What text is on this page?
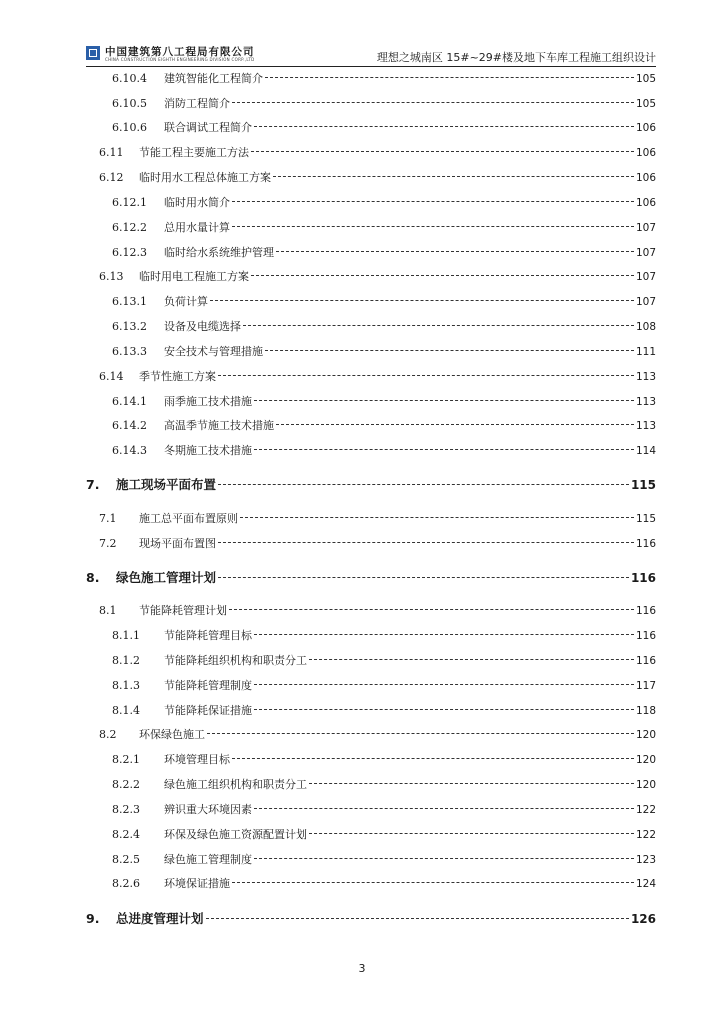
中国建筑第八工程局有限公司
CHINA CONSTRUCTION EIGHTH ENGINEERING DIVISION CORP.,LTD	理想之城南区 15#~29#楼及地下车库工程施工组织设计
6.10.4	建筑智能化工程简介	105
6.10.5	消防工程简介	105
6.10.6	联合调试工程简介	106
6.11	节能工程主要施工方法	106
6.12	临时用水工程总体施工方案	106
6.12.1	临时用水简介	106
6.12.2	总用水量计算	107
6.12.3	临时给水系统维护管理	107
6.13	临时用电工程施工方案	107
6.13.1	负荷计算	107
6.13.2	设备及电缆选择	108
6.13.3	安全技术与管理措施	111
6.14	季节性施工方案	113
6.14.1	雨季施工技术措施	113
6.14.2	高温季节施工技术措施	113
6.14.3	冬期施工技术措施	114
7.	施工现场平面布置	115
7.1	施工总平面布置原则	115
7.2	现场平面布置图	116
8.	绿色施工管理计划	116
8.1	节能降耗管理计划	116
8.1.1	节能降耗管理目标	116
8.1.2	节能降耗组织机构和职责分工	116
8.1.3	节能降耗管理制度	117
8.1.4	节能降耗保证措施	118
8.2	环保绿色施工	120
8.2.1	环境管理目标	120
8.2.2	绿色施工组织机构和职责分工	120
8.2.3	辨识重大环境因素	122
8.2.4	环保及绿色施工资源配置计划	122
8.2.5	绿色施工管理制度	123
8.2.6	环境保证措施	124
9.	总进度管理计划	126
3
